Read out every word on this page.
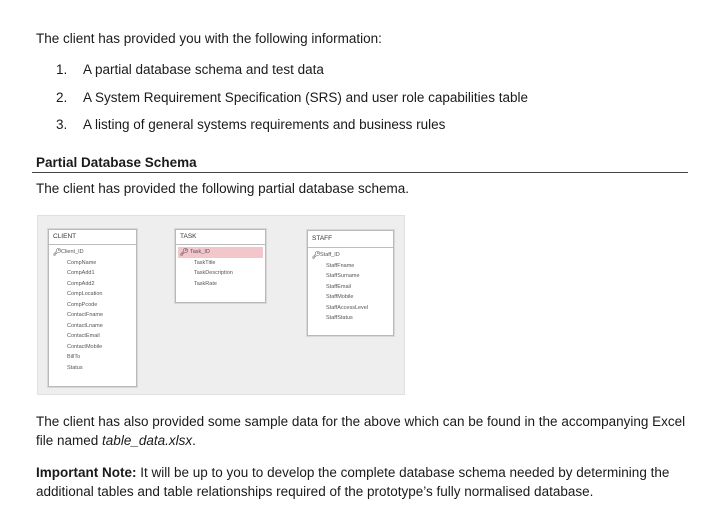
The client has provided you with the following information:
1.	A partial database schema and test data
2.	A System Requirement Specification (SRS) and user role capabilities table
3.	A listing of general systems requirements and business rules
Partial Database Schema
The client has provided the following partial database schema.
CLIENT
🔑︎ Client_ID
CompName
CompAdd1
CompAdd2
CompLocation
CompPcode
ContactFname
ContactLname
ContactEmail
ContactMobile
BillTo
Status
TASK
🔑︎ Task_ID
TaskTitle
TaskDescription
TaskRate
STAFF
🔑︎ Staff_ID
StaffFname
StaffSurname
StaffEmail
StaffMobile
StaffAccessLevel
StaffStatus
The client has also provided some sample data for the above which can be found in the accompanying Excel file named table_data.xlsx.
Important Note: It will be up to you to develop the complete database schema needed by determining the additional tables and table relationships required of the prototype’s fully normalised database.
